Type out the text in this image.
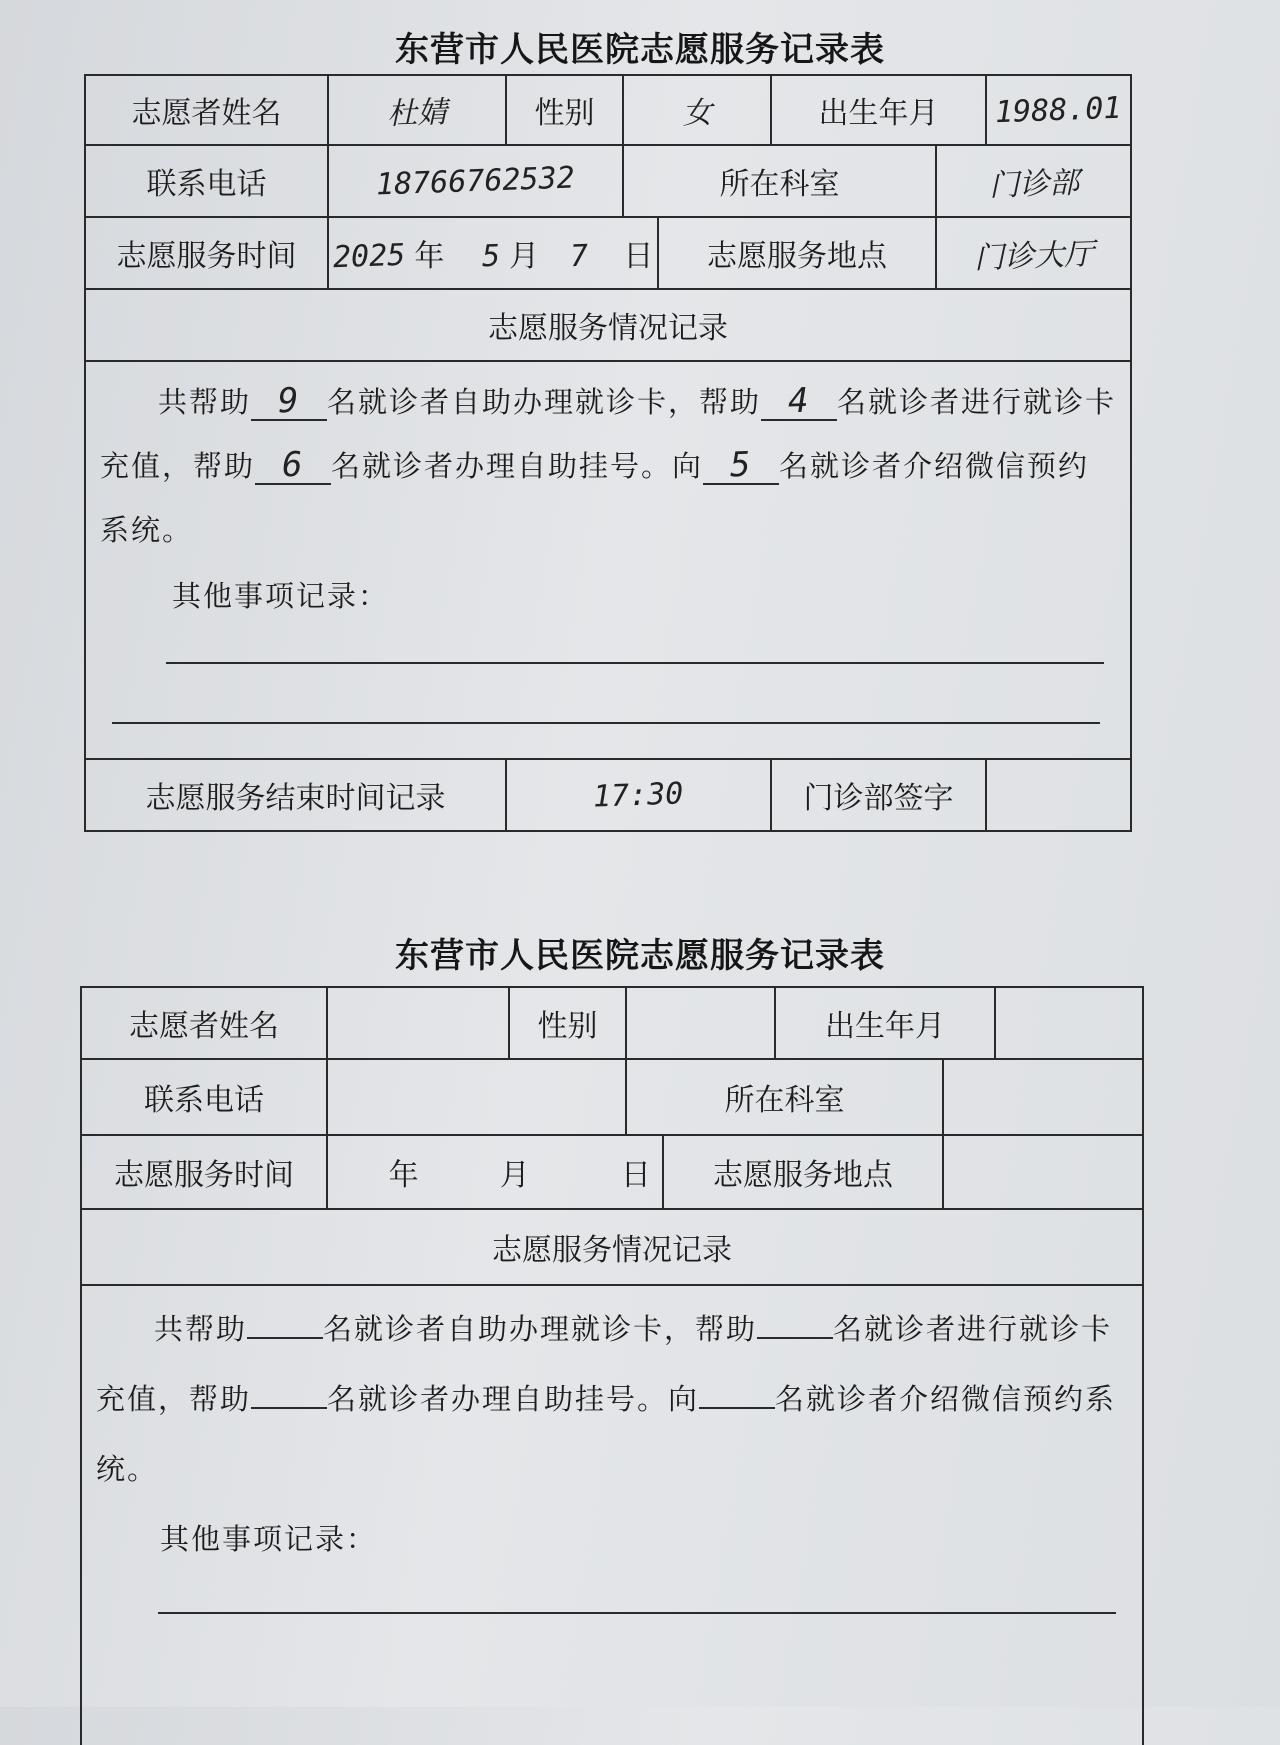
东营市人民医院志愿服务记录表
志愿者姓名	杜婧	性别	女		出生年月		1988.01
联系电话	18766762532		所在科室			门诊部	
志愿服务时间	2025 年 5 月 7 日			志愿服务地点		门诊大厅	
志愿服务情况记录							

共帮助 9 名就诊者自助办理就诊卡，帮助 4 名就诊者进行就诊卡充值，帮助 6 名就诊者办理自助挂号。向 5 名就诊者介绍微信预约系统。
其他事项记录：							

志愿服务结束时间记录		17:30			门诊部签字		
东营市人民医院志愿服务记录表
志愿者姓名		性别			出生年月		
联系电话			所在科室				
志愿服务时间	年 月 日			志愿服务地点			
志愿服务情况记录							

共帮助 名就诊者自助办理就诊卡，帮助 名就诊者进行就诊卡充值，帮助 名就诊者办理自助挂号。向 名就诊者介绍微信预约系统。
其他事项记录：							
